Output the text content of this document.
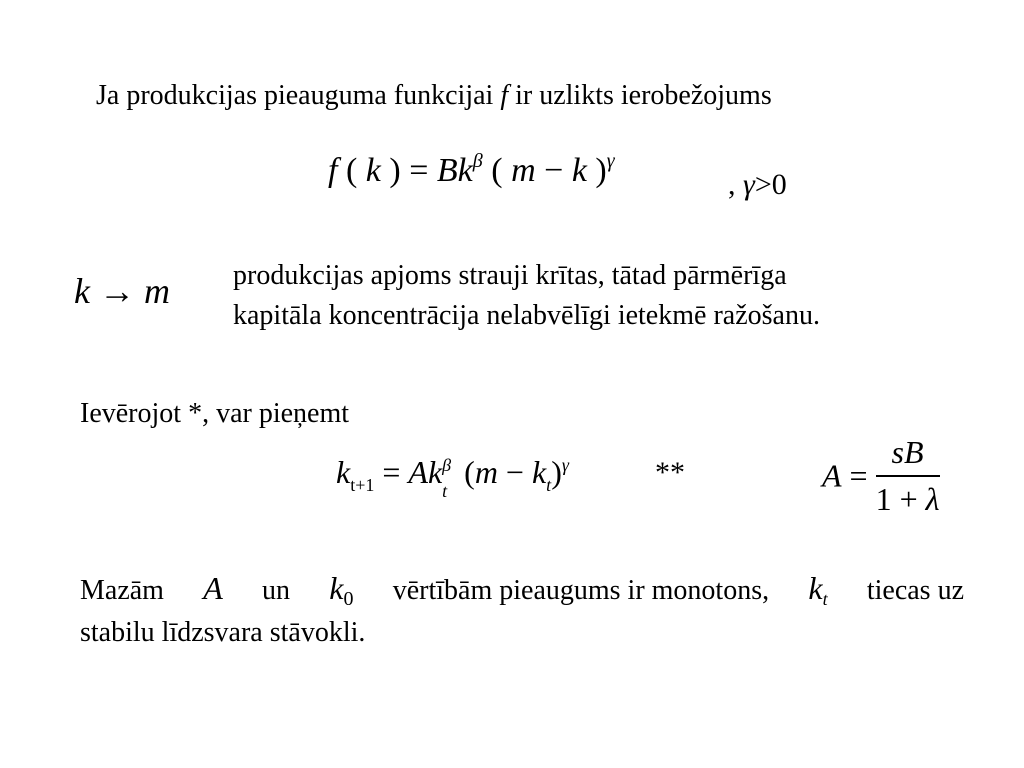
Ja produkcijas pieauguma funkcijai f ir uzlikts ierobežojums
f ( k ) = $Bk^\beta$ ( m − k )$^\gamma$
, γ>0
k → m produkcijas apjoms strauji krītas, tātad pārmērīga
kapitāla koncentrācija nelabvēlīgi ietekmē ražošanu.
Ievērojot *, var pieņemt
$k_{t+1} = Ak$ β
t
$(m - k_t)^\gamma$	**	$A = \frac{sB}{1 + \lambda}$
Mazām A un $k_0$ vērtībām pieaugums ir monotons, $k_t$ tiecas uz
stabilu līdzsvara stāvokli.
